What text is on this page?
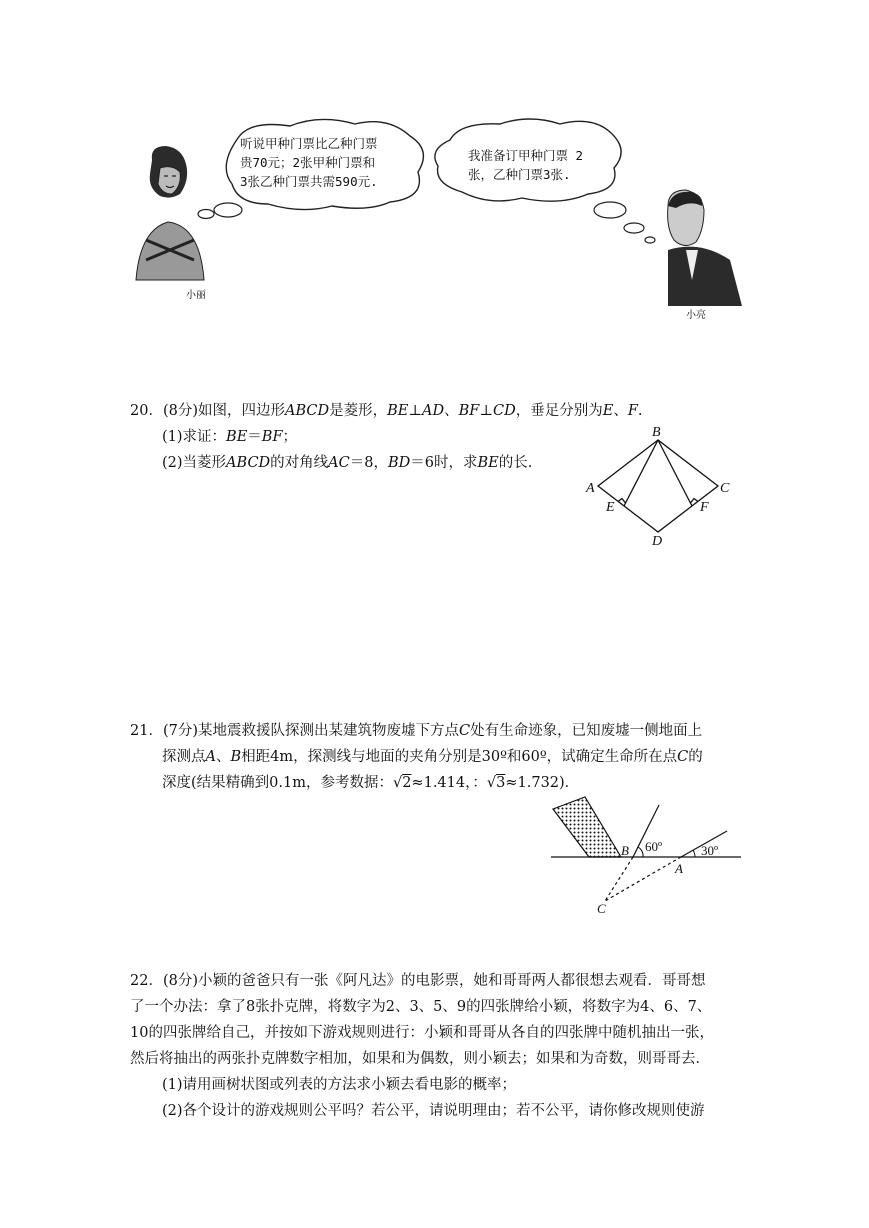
听说甲种门票比乙种门票
贵70元；2张甲种门票和
3张乙种门票共需590元.
我准备订甲种门票 2
张，乙种门票3张.
小丽
小亮
20．(8分)如图，四边形ABCD是菱形，BE⊥AD、BF⊥CD，垂足分别为E、F.
(1)求证：BE＝BF；
(2)当菱形ABCD的对角线AC＝8，BD＝6时，求BE的长.
B
A	C
D
E	F
21．(7分)某地震救援队探测出某建筑物废墟下方点C处有生命迹象，已知废墟一侧地面上
探测点A、B相距4m，探测线与地面的夹角分别是30º和60º，试确定生命所在点C的
深度(结果精确到0.1m，参考数据：√2≈1.414，：√3≈1.732)．
B 60º
A
30º
C
22．(8分)小颖的爸爸只有一张《阿凡达》的电影票，她和哥哥两人都很想去观看．哥哥想
了一个办法：拿了8张扑克牌，将数字为2、3、5、9的四张牌给小颖，将数字为4、6、7、
10的四张牌给自己，并按如下游戏规则进行：小颖和哥哥从各自的四张牌中随机抽出一张，
然后将抽出的两张扑克牌数字相加，如果和为偶数，则小颖去；如果和为奇数，则哥哥去．
(1)请用画树状图或列表的方法求小颖去看电影的概率；
(2)各个设计的游戏规则公平吗？若公平，请说明理由；若不公平，请你修改规则使游
